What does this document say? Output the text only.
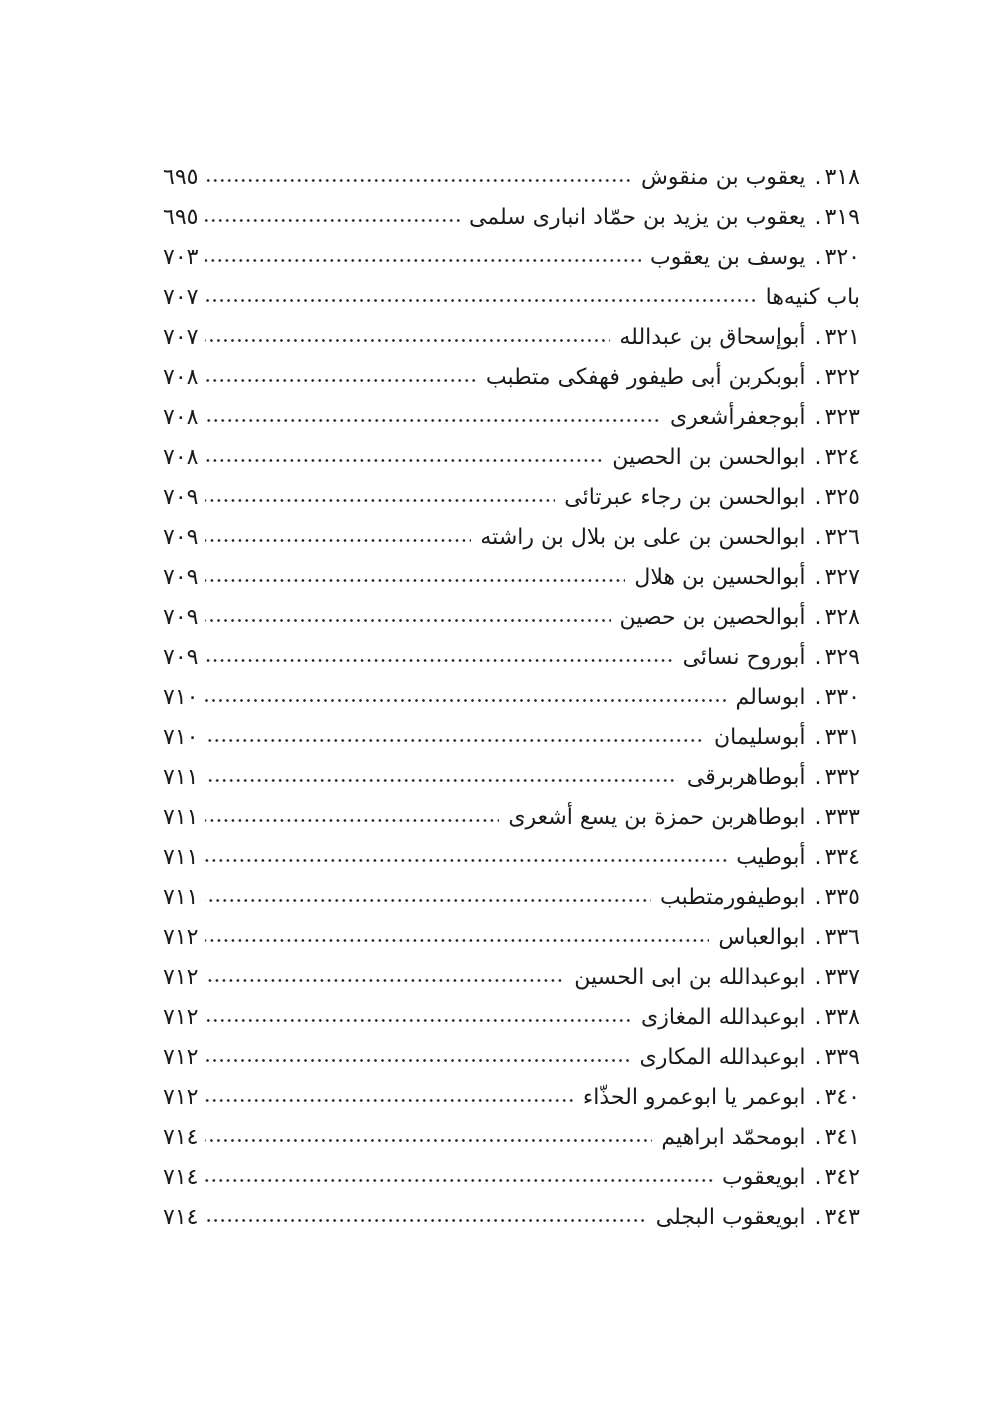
٣١٨
.
يعقوب بن منقوش
٦٩٥
٣١٩
.
يعقوب بن يزيد بن حمّاد انبارى سلمى
٦٩٥
٣٢٠
.
يوسف بن يعقوب
٧٠٣
باب كنيه‌ها
٧٠٧
٣٢١
.
أبوإسحاق بن عبدالله
٧٠٧
٣٢٢
.
أبوبكربن أبى طيفور فهفكى متطبب
٧٠٨
٣٢٣
.
أبوجعفرأشعرى
٧٠٨
٣٢٤
.
ابوالحسن بن الحصين
٧٠٨
٣٢٥
.
ابوالحسن بن رجاء عبرتائى
٧٠٩
٣٢٦
.
ابوالحسن بن على بن بلال بن راشته
٧٠٩
٣٢٧
.
أبوالحسين بن هلال
٧٠٩
٣٢٨
.
أبوالحصين بن حصين
٧٠٩
٣٢٩
.
أبوروح نسائى
٧٠٩
٣٣٠
.
ابوسالم
٧١٠
٣٣١
.
أبوسليمان
٧١٠
٣٣٢
.
أبوطاهربرقى
٧١١
٣٣٣
.
ابوطاهربن حمزة بن يسع أشعرى
٧١١
٣٣٤
.
أبوطيب
٧١١
٣٣٥
.
ابوطيفورمتطبب
٧١١
٣٣٦
.
ابوالعباس
٧١٢
٣٣٧
.
ابوعبدالله بن ابى الحسين
٧١٢
٣٣٨
.
ابوعبدالله المغازى
٧١٢
٣٣٩
.
ابوعبدالله المكارى
٧١٢
٣٤٠
.
ابوعمر يا ابوعمرو الحذّاء
٧١٢
٣٤١
.
ابومحمّد ابراهيم
٧١٤
٣٤٢
.
ابويعقوب
٧١٤
٣٤٣
.
ابويعقوب البجلى
٧١٤
